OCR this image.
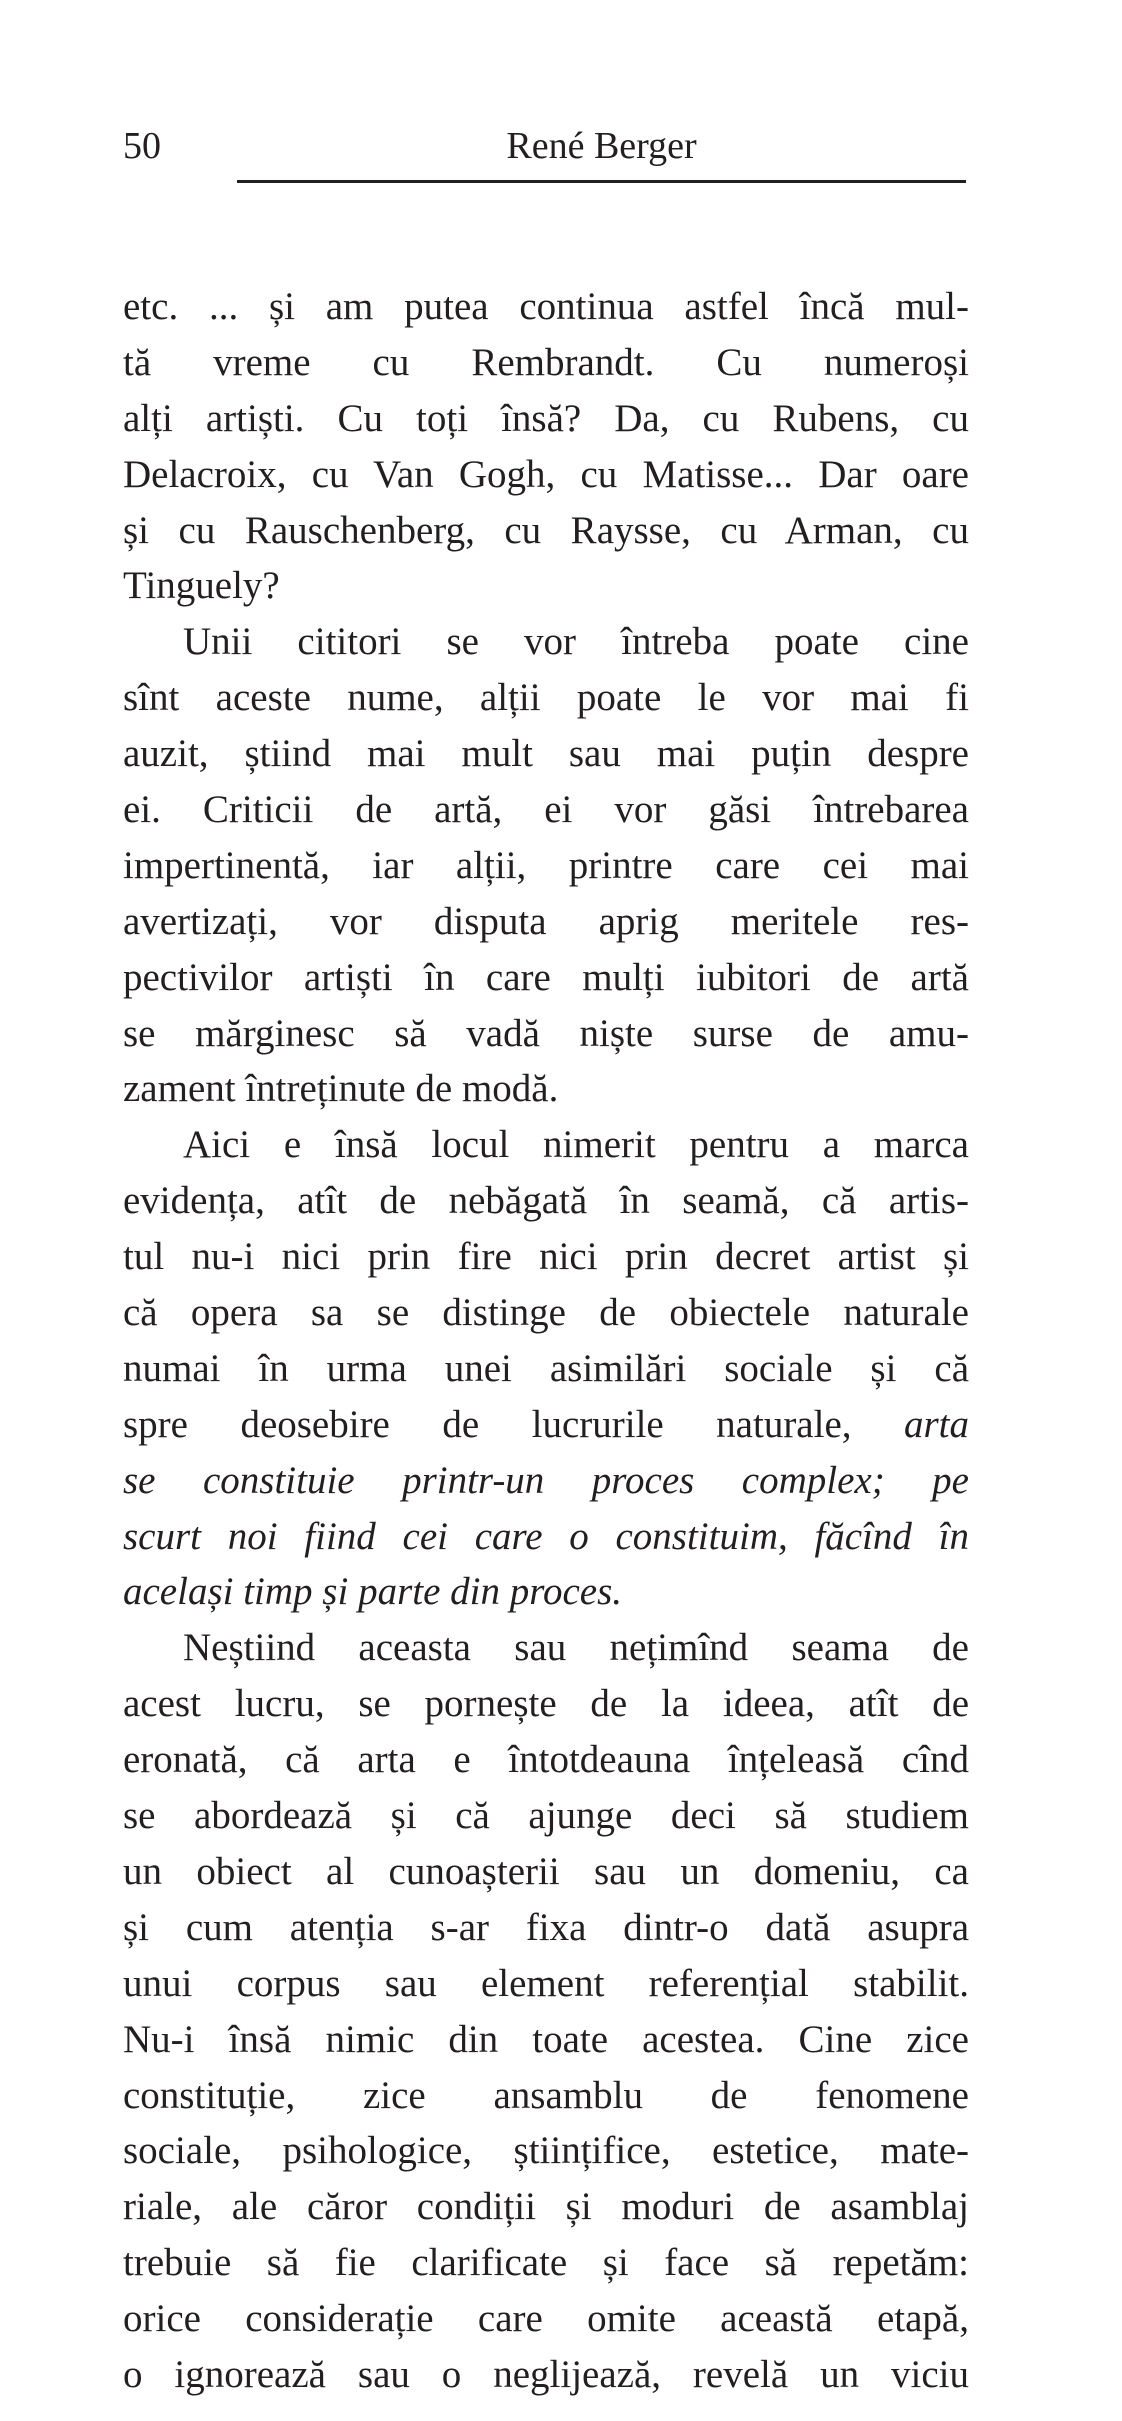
50	René Berger
etc. ... și am putea continua astfel încă mul-
tă vreme cu Rembrandt. Cu numeroși
alți artiști. Cu toți însă? Da, cu Rubens, cu
Delacroix, cu Van Gogh, cu Matisse... Dar oare
și cu Rauschenberg, cu Raysse, cu Arman, cu
Tinguely?
Unii cititori se vor întreba poate cine
sînt aceste nume, alții poate le vor mai fi
auzit, știind mai mult sau mai puțin despre
ei. Criticii de artă, ei vor găsi întrebarea
impertinentă, iar alții, printre care cei mai
avertizați, vor disputa aprig meritele res-
pectivilor artiști în care mulți iubitori de artă
se mărginesc să vadă niște surse de amu-
zament întreținute de modă.
Aici e însă locul nimerit pentru a marca
evidența, atît de nebăgată în seamă, că artis-
tul nu-i nici prin fire nici prin decret artist și
că opera sa se distinge de obiectele naturale
numai în urma unei asimilări sociale și că
spre deosebire de lucrurile naturale, arta
se constituie printr-un proces complex; pe
scurt noi fiind cei care o constituim, făcînd în
același timp și parte din proces.
Neștiind aceasta sau nețimînd seama de
acest lucru, se pornește de la ideea, atît de
eronată, că arta e întotdeauna înțeleasă cînd
se abordează și că ajunge deci să studiem
un obiect al cunoașterii sau un domeniu, ca
și cum atenția s-ar fixa dintr-o dată asupra
unui corpus sau element referențial stabilit.
Nu-i însă nimic din toate acestea. Cine zice
constituție, zice ansamblu de fenomene
sociale, psihologice, științifice, estetice, mate-
riale, ale căror condiții și moduri de asamblaj
trebuie să fie clarificate și face să repetăm:
orice considerație care omite această etapă,
o ignorează sau o neglijează, revelă un viciu
